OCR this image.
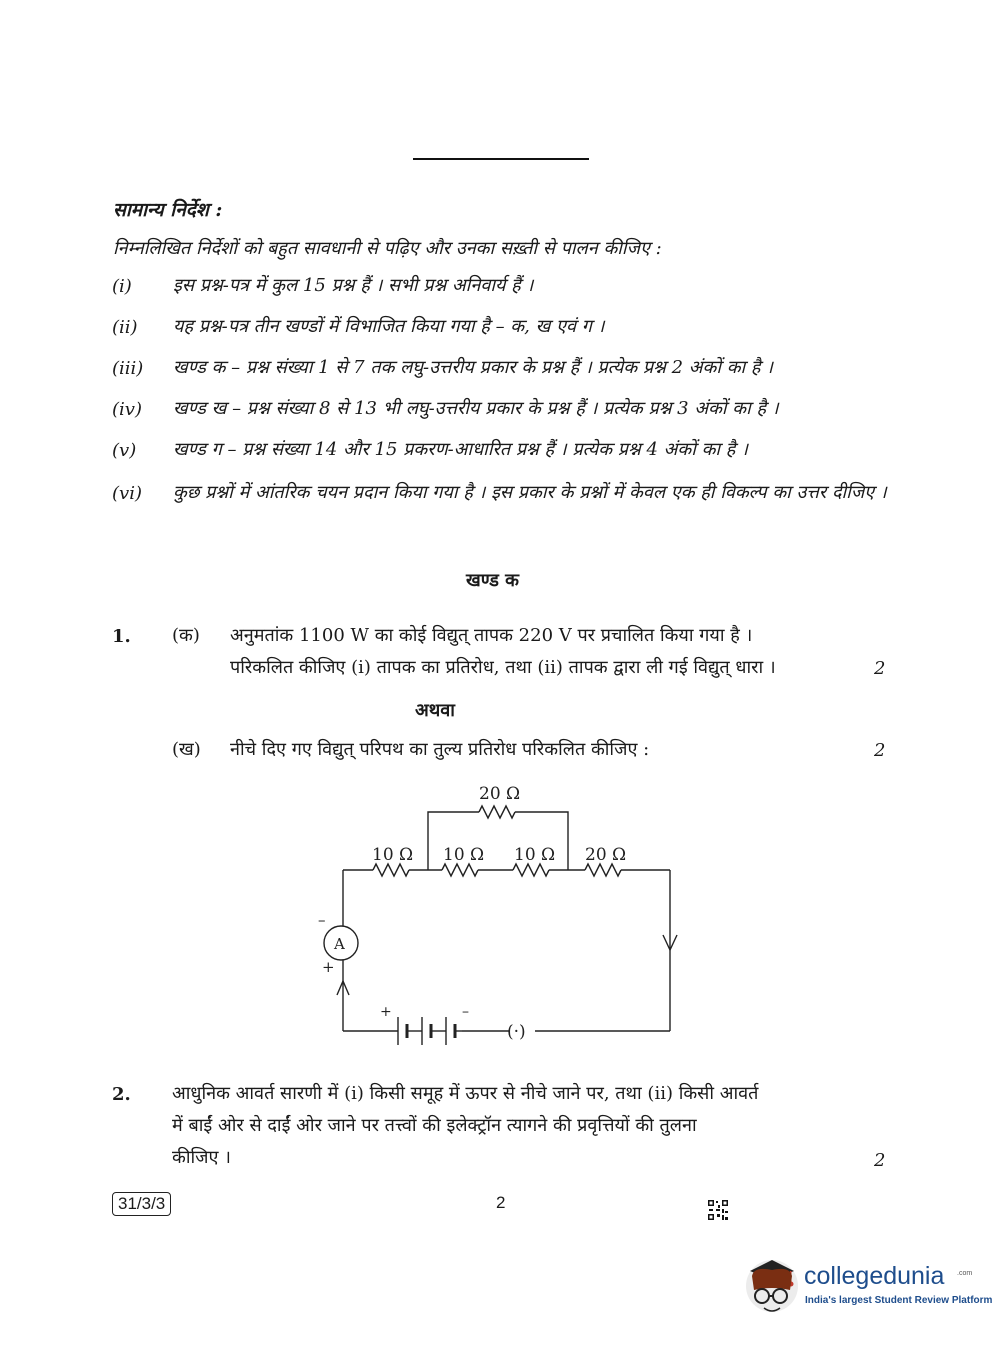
सामान्य निर्देश :
निम्नलिखित निर्देशों को बहुत सावधानी से पढ़िए और उनका सख़्ती से पालन कीजिए :
(i) इस प्रश्न-पत्र में कुल 15 प्रश्न हैं । सभी प्रश्न अनिवार्य हैं ।
(ii) यह प्रश्न-पत्र तीन खण्डों में विभाजित किया गया है – क, ख एवं ग ।
(iii) खण्ड क – प्रश्न संख्या 1 से 7 तक लघु-उत्तरीय प्रकार के प्रश्न हैं । प्रत्येक प्रश्न 2 अंकों का है ।
(iv) खण्ड ख – प्रश्न संख्या 8 से 13 भी लघु-उत्तरीय प्रकार के प्रश्न हैं । प्रत्येक प्रश्न 3 अंकों का है ।
(v) खण्ड ग – प्रश्न संख्या 14 और 15 प्रकरण-आधारित प्रश्न हैं । प्रत्येक प्रश्न 4 अंकों का है ।
(vi) कुछ प्रश्नों में आंतरिक चयन प्रदान किया गया है । इस प्रकार के प्रश्नों में केवल एक ही विकल्प का उत्तर दीजिए ।
खण्ड क
1. (क) अनुमतांक 1100 W का कोई विद्युत् तापक 220 V पर प्रचालित किया गया है ।
परिकलित कीजिए (i) तापक का प्रतिरोध, तथा (ii) तापक द्वारा ली गई विद्युत् धारा ।	2
अथवा
(ख) नीचे दिए गए विद्युत् परिपथ का तुल्य प्रतिरोध परिकलित कीजिए :	2
20 Ω
10 Ω 10 Ω 10 Ω 20 Ω
A
–
+
+	–
(·)
2. आधुनिक आवर्त सारणी में (i) किसी समूह में ऊपर से नीचे जाने पर, तथा (ii) किसी आवर्त
में बाईं ओर से दाईं ओर जाने पर तत्त्वों की इलेक्ट्रॉन त्यागने की प्रवृत्तियों की तुलना
कीजिए ।	2
31/3/3	2
collegedunia .com
India's largest Student Review Platform
